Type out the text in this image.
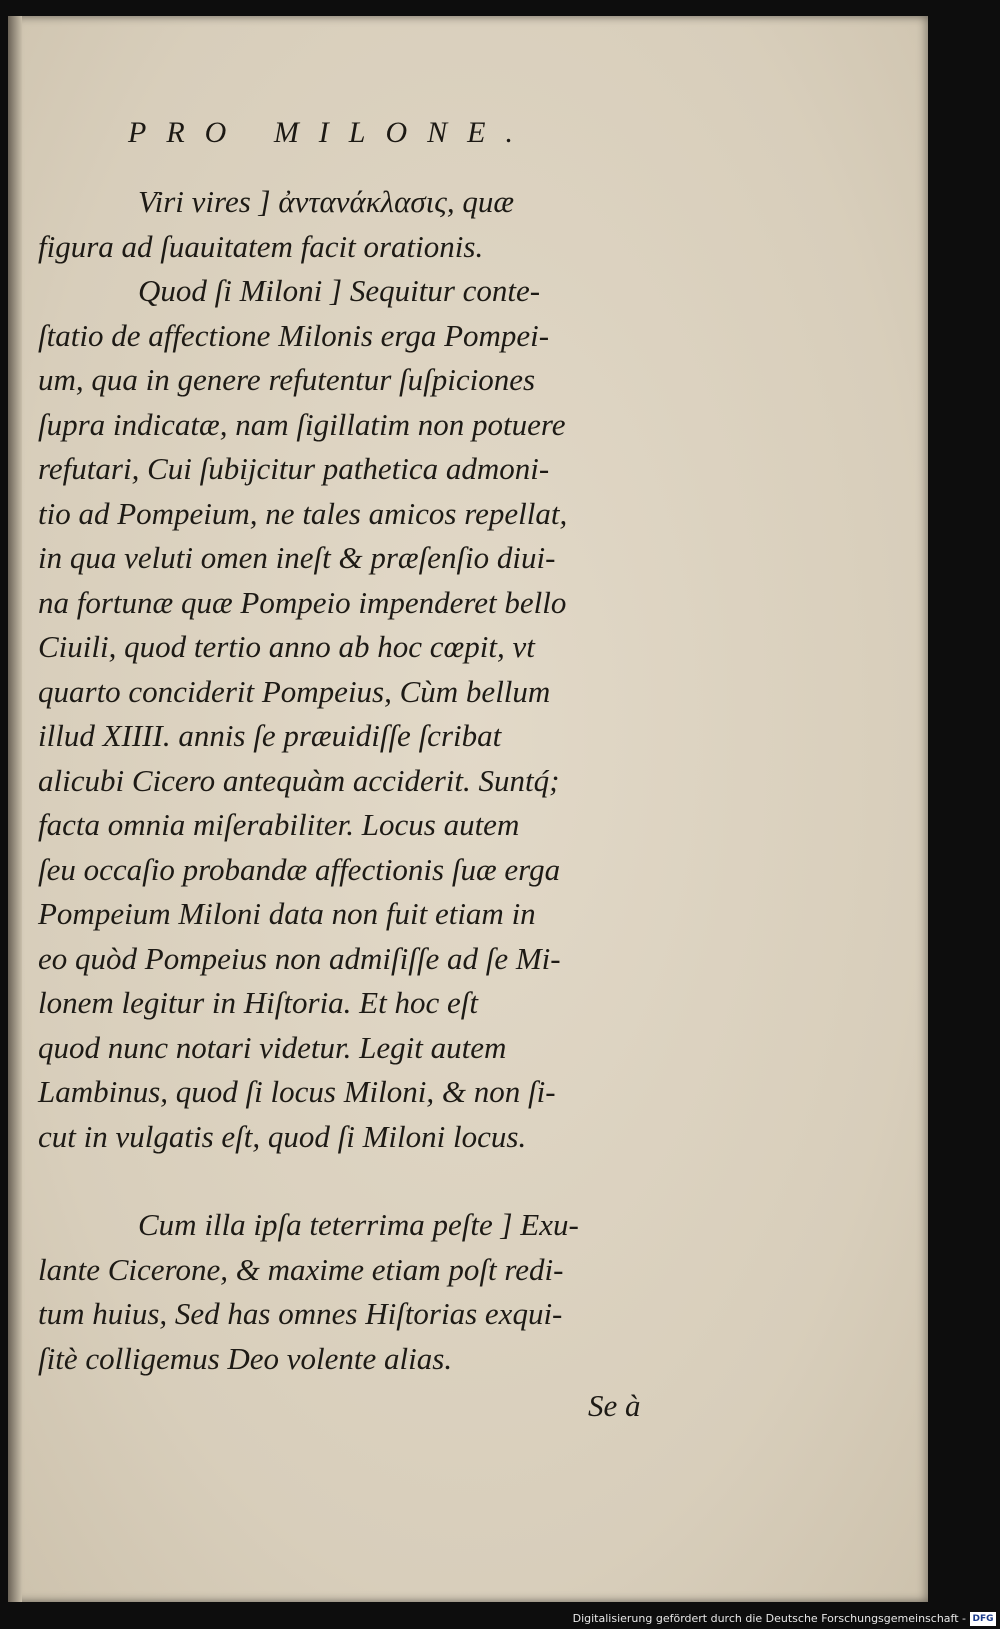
PRO MILONE.
Viri vires ] ἀνταvάκλασις, quæ
figura ad ſuauitatem facit orationis.
Quod ſi Miloni ] Sequitur conte-
ſtatio de affectione Milonis erga Pompei-
um, qua in genere refutentur ſuſpiciones
ſupra indicatæ, nam ſigillatim non potuere
refutari, Cui ſubijcitur pathetica admoni-
tio ad Pompeium, ne tales amicos repellat,
in qua veluti omen ineſt & præſenſio diui-
na fortunæ quæ Pompeio impenderet bello
Ciuili, quod tertio anno ab hoc cœpit, vt
quarto conciderit Pompeius, Cùm bellum
illud XIIII. annis ſe præuidiſſe ſcribat
alicubi Cicero antequàm acciderit. Suntq́;
facta omnia miſerabiliter. Locus autem
ſeu occaſio probandæ affectionis ſuæ erga
Pompeium Miloni data non fuit etiam in
eo quòd Pompeius non admiſiſſe ad ſe Mi-
lonem legitur in Hiſtoria. Et hoc eſt
quod nunc notari videtur. Legit autem
Lambinus, quod ſi locus Miloni, & non ſi-
cut in vulgatis eſt, quod ſi Miloni locus.
Cum illa ipſa teterrima peſte ] Exu-
lante Cicerone, & maxime etiam poſt redi-
tum huius, Sed has omnes Hiſtorias exqui-
ſitè colligemus Deo volente alias.
Se à
Digitalisierung gefördert durch die Deutsche Forschungsgemeinschaft - DFG
